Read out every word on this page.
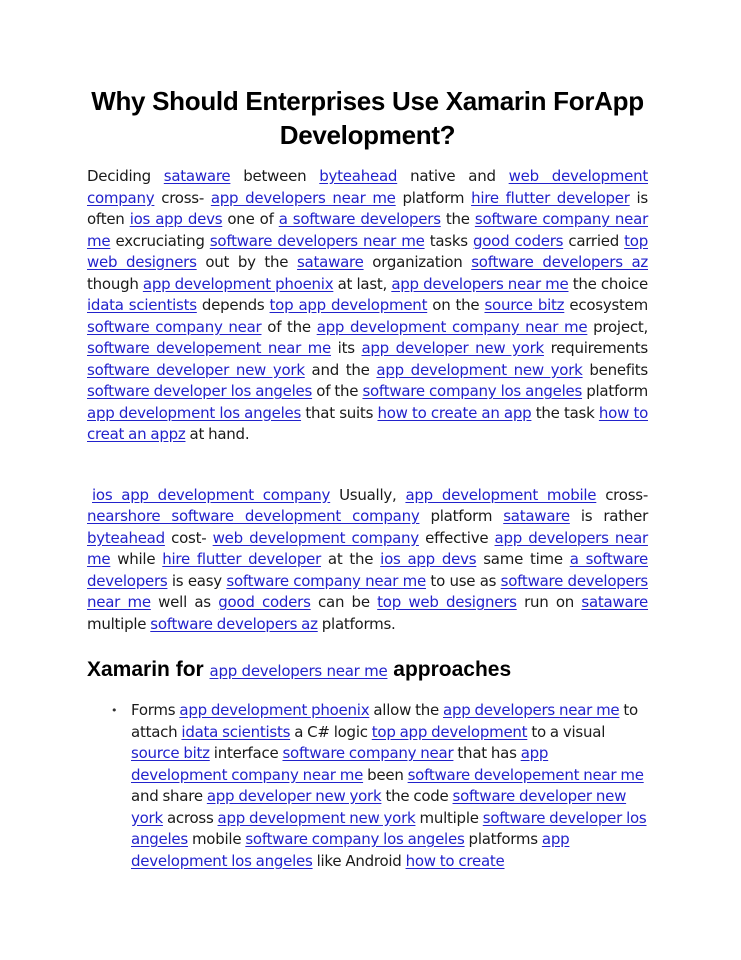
Why Should Enterprises Use Xamarin ForApp Development?

Deciding sataware between byteahead native and web development company cross- app developers near me platform hire flutter developer is often ios app devs one of a software developers the software company near me excruciating software developers near me tasks good coders carried top web designers out by the sataware organization software developers az though app development phoenix at last, app developers near me the choice idata scientists depends top app development on the source bitz ecosystem software company near of the app development company near me project, software developement near me its app developer new york requirements software developer new york and the app development new york benefits software developer los angeles of the software company los angeles platform app development los angeles that suits how to create an app the task how to creat an appz at hand.

ios app development company Usually, app development mobile cross- nearshore software development company platform sataware is rather byteahead cost- web development company effective app developers near me while hire flutter developer at the ios app devs same time a software developers is easy software company near me to use as software developers near me well as good coders can be top web designers run on sataware multiple software developers az platforms.

Xamarin for app developers near me approaches
• Forms app development phoenix allow the app developers near me to attach idata scientists a C# logic top app development to a visual source bitz interface software company near that has app development company near me been software developement near me and share app developer new york the code software developer new york across app development new york multiple software developer los angeles mobile software company los angeles platforms app development los angeles like Android how to create
